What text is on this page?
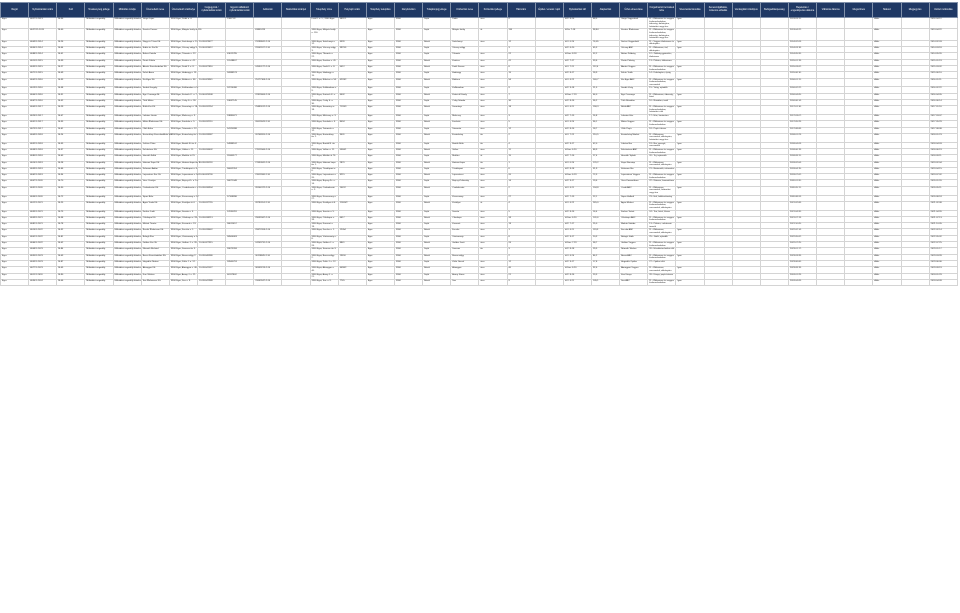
Régió	Nyilvántartási szám	Kód	Tevékenység jellege	Működés módja	Üzemeltető neve	Üzemeltető székhelye	Cégjegyzék / nyilvántartási szám	Egyéni vállalkozó nyilvántartási szám	Adószám	Statisztikai számjel	Telephely címe	Helyrajzi szám	Telephely település	Irányítószám	Tulajdonjog jellege	Közterület neve	Közterület jellege	Házszám	Épület / emelet / ajtó	Nyitvatartási idő	Alapterület	Üzlet elnevezése	Forgalmazott termékek köre	Szeszesital árusítás	Zeneszolgáltatás, műsoros előadás	Vendéglátó üzlettípus	Befogadóképesség	Bejelentés / engedélyezés dátuma	Változás dátuma	Megszűnés	Státusz	Megjegyzés	Utolsó módosítás
Eger	4E27/1-2013	M-36	Működési engedély	Működési engedély köteles	Varga Lajos	3300 Eger, Dobó u. 4.		1/8871/2			Liszt F. u. 1., 3300 Eger	4811/1	Eger	3300	Saját	Dobó	utca	4		H-P: 8-16	68,5	Varga Vegyesbolt	11 - Élelmiszer és vegyes kiskereskedelem, édesség, dohányáru, háztartási vegyi áru	Igen				2013.03.11.			Aktív		2016.04.12.
Eger	4E272/1-2013	M-40	Működési engedély	Működési engedély köteles	Kovács Ferenc	3300 Eger, Mátyás király út 116.			63852419		3300 Eger, Mátyás király u. 116.		Eger	3300	Saját	Mátyás király	út	116		H-Sz: 7-18	98,84	Kovács Élelmiszer	11 - Élelmiszer és vegyes kiskereskedelem, édesség, dohányáru, háztartási vegyi áru					2013.04.22.			Aktív		2013.04.22.
Eger	4E49/1-2014	M-26	Működési engedély	Működési engedély köteles	Nagy és Társa Kft.	3300 Eger, Széchenyi u. 12.	10-09-023477		23198841-2-10		3300 Eger, Széchenyi u. 12.	4526	Eger	3300	Bérelt	Széchenyi	utca	12		H-V: 0-24	76,05	Szécsi Vegyesbolt	11 - Vegyes élelmiszer és dohányáru	Igen				2014.02.03.			Aktív		2014.02.03.
Eger	4E54/1-2014	M-44	Működési engedély	Működési engedély köteles	Erdős és Fia Bt.	3300 Eger, Vécsey völgy 3.	10-06-024412		22041187-2-10		3300 Eger, Vécsey völgy 3.	3921/4	Eger	3300	Saját	Vécsey völgy		3		H-P: 6-20	45,3	Vécsey ABC	11 - Élelmiszer, ital, dohányáru	Igen				2014.03.18.			Aktív		2014.03.18.
Eger	4E88/1-2014	M-41	Működési engedély	Működési engedély köteles	Bakos Katalin	3300 Eger, Tihamér u. 22.		43012785			3300 Eger, Tihamér u. 22.		Eger	3300	Saját	Tihamér	utca	22		H-Szo: 8-18	52,2	Bakos Zöldség	12 - Zöldség-gyümölcs, élelmiszer					2014.05.26.			Aktív		2014.05.26.
Eger	4E10/1-2015	M-39	Működési engedély	Működési engedély köteles	Pintér Zoltán	3300 Eger, Kertész u. 41.		51148807			3300 Eger, Kertész u. 41.		Eger	3300	Bérelt	Kertész	utca	41		H-P: 7-17	33,6	Pintér Pékség	13 - Pékáru, élelmiszer					2015.01.19.			Aktív		2015.01.19.
Eger	4E33/1-2015	M-27	Működési engedély	Működési engedély köteles	Almási Kereskedelmi Kft.	3300 Eger, Deák F. u. 8.	10-09-027816		24530177-2-10		3300 Eger, Deák F. u. 8.	5012	Eger	3300	Bérelt	Deák Ferenc	utca	8		H-V: 7-21	112,4	Almási Vegyes	11 - Élelmiszer és vegyes kiskereskedelem	Igen				2015.03.02.			Aktív		2015.03.02.
Eger	4E71/1-2015	M-49	Működési engedély	Működési engedély köteles	Fehér Anna	3300 Eger, Hadnagy u. 15.		50988123			3300 Eger, Hadnagy u. 15.		Eger	3300	Saját	Hadnagy	utca	15		H-P: 8-17	28,9	Fehér Trafik	14 - Dohányáru, újság					2015.06.10.			Aktív		2015.06.10.
Eger	4E02/1-2016	M-33	Működési engedély	Működési engedély köteles	Kis-Eger Kft.	3300 Eger, Rákóczi u. 56.	10-09-029941		25177308-2-10		3300 Eger, Rákóczi u. 56.	6233/2	Eger	3300	Bérelt	Rákóczi	utca	56		H-V: 6-22	140,7	Kis-Eger ABC	11 - Élelmiszer és vegyes kiskereskedelem, szeszesital	Igen				2016.01.11.			Aktív		2016.01.11.
Eger	4E19/1-2016	M-58	Működési engedély	Működési engedély köteles	Szabó Gergely	3300 Eger, Kallómalom u. 9.		52214096			3300 Eger, Kallómalom u. 9.		Eger	3300	Saját	Kallómalom	utca	9		H-P: 9-18	21,5	Szabó Virág	15 - Virág, ajándék					2016.02.22.			Aktív		2016.02.22.
Eger	4E44/1-2016	M-31	Működési engedély	Működési engedély köteles	Egri Csemege Bt.	3300 Eger, Knézich K. u. 7.	10-06-025508		22819064-2-10		3300 Eger, Knézich K. u. 7.	4402	Eger	3300	Bérelt	Knézich Károly	utca	7		H-Szo: 7-19	64,0	Egri Csemege	11 - Élelmiszer, édesség, kávé	Igen				2016.04.05.			Aktív		2016.04.05.
Eger	4E67/1-2016	M-52	Működési engedély	Működési engedély köteles	Tóth Márta	3300 Eger, Csiky S. u. 30.		53067145			3300 Eger, Csiky S. u. 30.		Eger	3300	Saját	Csiky Sándor	utca	30		H-P: 8-16	36,2	Tóth Rövidáru	16 - Rövidáru, textil					2016.06.14.			Aktív		2016.06.14.
Eger	4E05/1-2017	M-29	Működési engedély	Működési engedély köteles	Bükk-Ker Kft.	3300 Eger, Szvorényi u. 18.	10-09-031254		25893012-2-10		3300 Eger, Szvorényi u. 18.	7120/3	Eger	3300	Bérelt	Szvorényi	utca	18		H-V: 6-21	158,3	Bükk ABC	11 - Élelmiszer és vegyes kiskereskedelem, háztartási cikk	Igen				2017.01.16.			Aktív		2017.01.16.
Eger	4E26/1-2017	M-47	Működési engedély	Működési engedély köteles	Lakatos István	3300 Eger, Mekcsey u. 3.		53880671			3300 Eger, Mekcsey u. 3.		Eger	3300	Saját	Mekcsey	utca	3		H-P: 7-15	24,8	Lakatos Hús	17 - Hús, hentesáru					2017.03.07.			Aktív		2017.03.07.
Eger	4E51/1-2017	M-35	Működési engedély	Működési engedély köteles	Mátra Élelmiszer Kft.	3300 Eger, Faiskola u. 5.	10-09-032110		26011843-2-10		3300 Eger, Faiskola u. 5.	8034	Eger	3300	Bérelt	Faiskola	utca	5		H-V: 6-20	96,1	Mátra Vegyes	11 - Élelmiszer és vegyes kiskereskedelem	Igen				2017.05.29.			Aktív		2017.05.29.
Eger	4E73/1-2017	M-61	Működési engedély	Működési engedély köteles	Oláh Erika	3300 Eger, Tetemvár u. 12.		54120938			3300 Eger, Tetemvár u. 12.		Eger	3300	Saját	Tetemvár	utca	12		H-P: 8-16	18,7	Oláh Papír	18 - Papír-írószer					2017.08.08.			Aktív		2017.08.08.
Eger	4E09/1-2018	M-24	Működési engedély	Működési engedély köteles	Eszterházy Kereskedőház Kft.	3300 Eger, Eszterházy tér 2.	10-09-033587		26748205-2-10		3300 Eger, Eszterházy tér 2.	3001	Eger	3300	Bérelt	Eszterházy	tér	2		H-V: 7-22	210,5	Eszterházy Market	11 - Élelmiszer, szeszesital, dohányáru, háztartási vegyi áru	Igen				2018.01.23.			Aktív		2018.01.23.
Eger	4E32/1-2018	M-55	Működési engedély	Működési engedély köteles	Juhász Péter	3300 Eger, Bartók B. tér 4.		54988102			3300 Eger, Bartók B. tér 4.		Eger	3300	Saját	Bartók Béla	tér	4		H-P: 9-17	42,0	Juhász Bor	19 - Bor, pezsgő, szeszesital	Igen				2018.04.03.			Aktív		2018.04.03.
Eger	4E58/1-2018	M-37	Működési engedély	Működési engedély köteles	Felsőváros Kft.	3300 Eger, Vallon u. 11.	10-09-034402		27015566-2-10		3300 Eger, Vallon u. 11.	5560/1	Eger	3300	Bérelt	Vallon	utca	11		H-Szo: 6-20	88,9	Felsővárosi ABC	11 - Élelmiszer és vegyes kiskereskedelem	Igen				2018.06.19.			Aktív		2018.06.19.
Eger	4E80/1-2018	M-63	Működési engedély	Működési engedély köteles	Horváth Ildikó	3300 Eger, Maklári út 70.		55340177			3300 Eger, Maklári út 70.		Eger	3300	Saját	Maklári	út	70		H-P: 7-16	27,4	Horváth Tejbolt	20 - Tej, tejtermék					2018.09.11.			Aktív		2018.09.11.
Eger	4E14/1-2019	M-28	Működési engedély	Működési engedély köteles	Hatvani Kapu Kft.	3300 Eger, Hatvani kapu tér 1.	10-09-035118		27630941-2-10		3300 Eger, Hatvani kapu tér 1.	2870	Eger	3300	Bérelt	Hatvani kapu	tér	1		H-V: 0-24	176,2	Kapu Nonstop	11 - Élelmiszer, szeszesital, dohányáru	Igen				2019.02.04.			Aktív		2019.02.04.
Eger	4E39/1-2019	M-66	Működési engedély	Működési engedély köteles	Kelemen Ádám	3300 Eger, Tündérpart u. 6.		56002314			3300 Eger, Tündérpart u. 6.		Eger	3300	Saját	Tündérpart	utca	6		H-P: 8-18	31,9	Kelemen Bio	21 - Biotermék, reformáru					2019.04.15.			Aktív		2019.04.15.
Eger	4E62/1-2019	M-34	Működési engedély	Működési engedély köteles	Lajosváros Ker. Bt.	3300 Eger, Lajosvárosi u. 20.	10-06-026730		23511908-2-10		3300 Eger, Lajosvárosi u. 20.	9215	Eger	3300	Bérelt	Lajosvárosi	utca	20		H-Szo: 6-19	72,3	Lajosvárosi Vegyes	11 - Élelmiszer és vegyes kiskereskedelem	Igen				2019.07.02.			Aktív		2019.07.02.
Eger	4E07/1-2020	M-70	Működési engedély	Működési engedély köteles	Vass Orsolya	3300 Eger, Bajcsy-Zs. u. 14.		56671048			3300 Eger, Bajcsy-Zs. u. 14.		Eger	3300	Saját	Bajcsy-Zsilinszky	utca	14		H-P: 9-17	19,6	Vass Kozmetikum	22 - Illatszer, kozmetikum					2020.01.20.			Aktív		2020.01.20.
Eger	4E31/1-2020	M-30	Működési engedély	Működési engedély köteles	Csebokszári Kft.	3300 Eger, Csebokszári u. 2.	10-09-036904		28144372-2-10		3300 Eger, Csebokszári u. 2.	10412	Eger	3300	Bérelt	Csebokszári	utca	2		H-V: 6-21	134,8	Csebi ABC	11 - Élelmiszer, szeszesital, háztartási vegyi áru	Igen				2020.05.11.			Aktív		2020.05.11.
Eger	4E56/1-2020	M-72	Működési engedély	Működési engedély köteles	Sipos Béla	3300 Eger, Kisasszony u. 27.		57108836			3300 Eger, Kisasszony u. 27.		Eger	3300	Saját	Kisasszony	utca	27		H-P: 7-15	22,1	Sipos Halbolt	23 - Hal, halkészítmény					2020.08.24.			Aktív		2020.08.24.
Eger	4E12/1-2021	M-25	Működési engedély	Működési engedély köteles	Agria Trade Kft.	3300 Eger, Kistályai út 4.	10-09-037755		28790114-2-10		3300 Eger, Kistályai út 4.	11003/2	Eger	3300	Bérelt	Kistályai	út	4		H-V: 6-22	245,0	Agria Market	11 - Élelmiszer és vegyes kiskereskedelem, szeszesital, dohányáru	Igen				2021.02.08.			Aktív		2021.02.08.
Eger	4E35/1-2021	M-75	Működési engedély	Működési engedély köteles	Farkas Judit	3300 Eger, Servita u. 5.		57630291			3300 Eger, Servita u. 5.		Eger	3300	Saját	Servita	utca	5		H-P: 8-16	16,4	Farkas Teázó	24 - Tea, kávé, fűszer					2021.04.26.			Aktív		2021.04.26.
Eger	4E59/1-2021	M-38	Működési engedély	Működési engedély köteles	Cifrakapu Kft.	3300 Eger, Cifrakapu u. 33.	10-09-038213		29035587-2-10		3300 Eger, Cifrakapu u. 33.	6617	Eger	3300	Bérelt	Cifrakapu	utca	33		H-Szo: 6-20	101,6	Cifrakapu ABC	11 - Élelmiszer és vegyes kiskereskedelem	Igen				2021.07.13.			Aktív		2021.07.13.
Eger	4E81/1-2021	M-78	Működési engedély	Működési engedély köteles	Molnár Tamás	3300 Eger, Koszorú u. 19.		58011457			3300 Eger, Koszorú u. 19.		Eger	3300	Saját	Koszorú	utca	19		H-P: 7-17	25,0	Molnár Sütöde	13 - Pékáru, cukrászati termék					2021.10.05.			Aktív		2021.10.05.
Eger	4E16/1-2022	M-32	Működési engedély	Működési engedély köteles	Északi Élelmiszer Kft.	3300 Eger, Fecske u. 1.	10-09-039442		29672208-2-10		3300 Eger, Fecske u. 1.	12054	Eger	3300	Bérelt	Fecske	utca	1		H-V: 6-21	119,3	Fecske ABC	11 - Élelmiszer, szeszesital, dohányáru	Igen				2022.02.14.			Aktív		2022.02.14.
Eger	4E41/1-2022	M-81	Működési engedély	Működési engedély köteles	Balogh Éva	3300 Eger, Vörösmarty u. 8.		58504663			3300 Eger, Vörösmarty u. 8.		Eger	3300	Saját	Vörösmarty	utca	8		H-P: 9-17	20,3	Balogh Játék	25 - Játék, ajándék					2022.05.02.			Aktív		2022.05.02.
Eger	4E64/1-2022	M-42	Működési engedély	Működési engedély köteles	Grőber Ker. Bt.	3300 Eger, Grőber J. u. 26.	10-06-027915		24209731-2-10		3300 Eger, Grőber J. u. 26.	8841	Eger	3300	Bérelt	Grőber Jenő	utca	26		H-Szo: 7-19	58,7	Grőber Vegyes	11 - Élelmiszer és vegyes kiskereskedelem	Igen				2022.07.25.			Aktív		2022.07.25.
Eger	4E08/1-2023	M-84	Működési engedély	Működési engedély köteles	Németh Richárd	3300 Eger, Szarvas tér 3.		59073318			3300 Eger, Szarvas tér 3.		Eger	3300	Saját	Szarvas	tér	3		H-P: 8-18	29,5	Németh Telefon	26 - Híradástechnikai cikk					2023.01.17.			Aktív		2023.01.17.
Eger	4E30/1-2023	M-43	Működési engedély	Működési engedély köteles	Berva Kereskedelmi Kft.	3300 Eger, Berva-völgy 2.	10-09-040386		30118845-2-10		3300 Eger, Berva-völgy 2.	13610	Eger	3300	Bérelt	Berva-völgy		2		H-V: 6-20	84,2	Berva ABC	11 - Élelmiszer és vegyes kiskereskedelem	Igen				2023.03.28.			Aktív		2023.03.28.
Eger	4E53/1-2023	M-87	Működési engedély	Működési engedély köteles	Hegedűs Noémi	3300 Eger, Zalár J. u. 12.		59560724			3300 Eger, Zalár J. u. 12.		Eger	3300	Saját	Zalár József	utca	12		H-P: 9-17	17,8	Hegedűs Optika	27 - Optikai cikk					2023.06.06.			Aktív		2023.06.06.
Eger	4E77/1-2023	M-45	Működési engedély	Működési engedély köteles	Almagyar Kft.	3300 Eger, Almagyar u. 40.	10-09-041027		30559213-2-10		3300 Eger, Almagyar u. 40.	4090/2	Eger	3300	Bérelt	Almagyar	utca	40		H-Szo: 6-20	92,6	Almagyari Vegyes	11 - Élelmiszer, szeszesital, dohányáru	Igen				2023.09.19.			Aktív		2023.09.19.
Eger	4E11/1-2024	M-90	Működési engedély	Működési engedély köteles	Kun Viktória	3300 Eger, Arany J. u. 21.		60117802			3300 Eger, Arany J. u. 21.		Eger	3300	Saját	Arany János	utca	21		H-P: 8-16	23,3	Kun Könyv	28 - Könyv, papír-írószer					2024.01.29.			Aktív		2024.01.29.
Eger	4E34/1-2024	M-46	Működési engedély	Működési engedély köteles	Sas Élelmiszer Kft.	3300 Eger, Sas u. 9.	10-09-041988		31002647-2-10		3300 Eger, Sas u. 9.	7745	Eger	3300	Bérelt	Sas	utca	9		H-V: 6-21	105,1	Sas ABC	11 - Élelmiszer és vegyes kiskereskedelem	Igen				2024.04.09.			Aktív		2024.04.09.
